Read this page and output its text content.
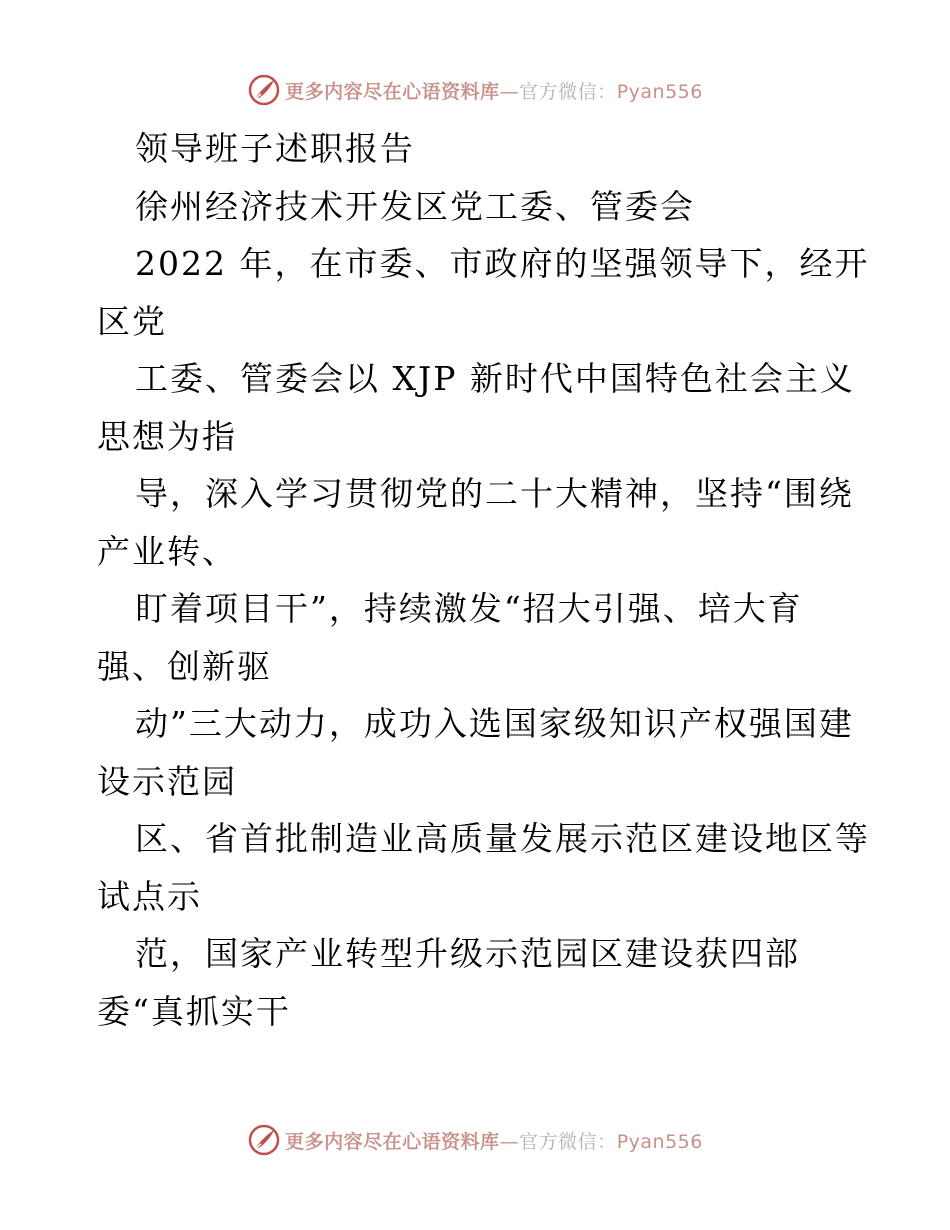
更多内容尽在心语资料库—官方微信：Pyan556
领导班子述职报告
徐州经济技术开发区党工委、管委会
2022 年，在市委、市政府的坚强领导下，经开
区党
工委、管委会以 XJP 新时代中国特色社会主义
思想为指
导，深入学习贯彻党的二十大精神，坚持“围绕
产业转、
盯着项目干”，持续激发“招大引强、培大育
强、创新驱
动”三大动力，成功入选国家级知识产权强国建
设示范园
区、省首批制造业高质量发展示范区建设地区等
试点示
范，国家产业转型升级示范园区建设获四部
委“真抓实干
更多内容尽在心语资料库—官方微信：Pyan556
